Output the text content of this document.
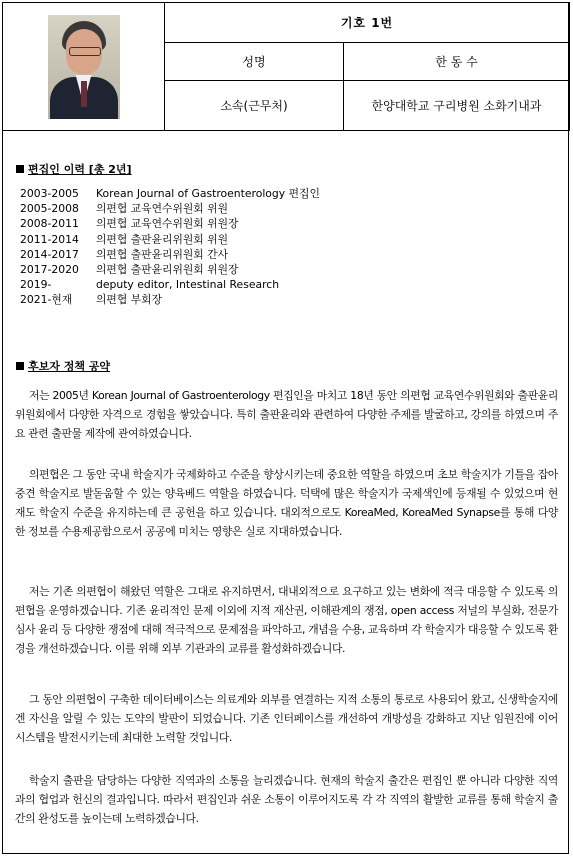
	기호 1번	
	성명	한 동 수
	소속(근무처)	한양대학교 구리병원 소화기내과
편집인 이력 [총 2년]
2003-2005 Korean Journal of Gastroenterology 편집인
2005-2008 의편협 교육연수위원회 위원
2008-2011 의편협 교육연수위원회 위원장
2011-2014 의편협 출판윤리위원회 위원
2014-2017 의편협 출판윤리위원회 간사
2017-2020 의편협 출판윤리위원회 위원장
2019-	deputy editor, Intestinal Research
2021-현재 의편협 부회장
후보자 정책 공약
저는 2005년 Korean Journal of Gastroenterology 편집인을 마치고 18년 동안 의편협 교육연수위원회와 출판윤리위원회에서 다양한 자격으로 경험을 쌓았습니다. 특히 출판윤리와 관련하여 다양한 주제를 발굴하고, 강의를 하였으며 주요 관련 출판물 제작에 관여하였습니다.
의편협은 그 동안 국내 학술지가 국제화하고 수준을 향상시키는데 중요한 역할을 하였으며 초보 학술지가 기틀을 잡아 중견 학술지로 발돋움할 수 있는 양육베드 역할을 하였습니다. 덕택에 많은 학술지가 국제색인에 등재될 수 있었으며 현재도 학술지 수준을 유지하는데 큰 공헌을 하고 있습니다. 대외적으로도 KoreaMed, KoreaMed Synapse를 통해 다양한 정보를 수용제공함으로서 공공에 미치는 영향은 실로 지대하였습니다.
저는 기존 의편협이 해왔던 역할은 그대로 유지하면서, 대내외적으로 요구하고 있는 변화에 적극 대응할 수 있도록 의편협을 운영하겠습니다. 기존 윤리적인 문제 이외에 지적 재산권, 이해관계의 쟁점, open access 저널의 부실화, 전문가심사 윤리 등 다양한 쟁점에 대해 적극적으로 문제점을 파악하고, 개념을 수용, 교육하며 각 학술지가 대응할 수 있도록 환경을 개선하겠습니다. 이를 위해 외부 기관과의 교류를 활성화하겠습니다.
그 동안 의편협이 구축한 데이터베이스는 의료계와 외부를 연결하는 지적 소통의 통로로 사용되어 왔고, 신생학술지에겐 자신을 알릴 수 있는 도약의 발판이 되었습니다. 기존 인터페이스를 개선하여 개방성을 강화하고 지난 임원진에 이어 시스템을 발전시키는데 최대한 노력할 것입니다.
학술지 출판을 담당하는 다양한 직역과의 소통을 늘리겠습니다. 현재의 학술지 출간은 편집인 뿐 아니라 다양한 직역과의 협업과 헌신의 결과입니다. 따라서 편집인과 쉬운 소통이 이루어지도록 각 각 직역의 활발한 교류를 통해 학술지 출간의 완성도를 높이는데 노력하겠습니다.
